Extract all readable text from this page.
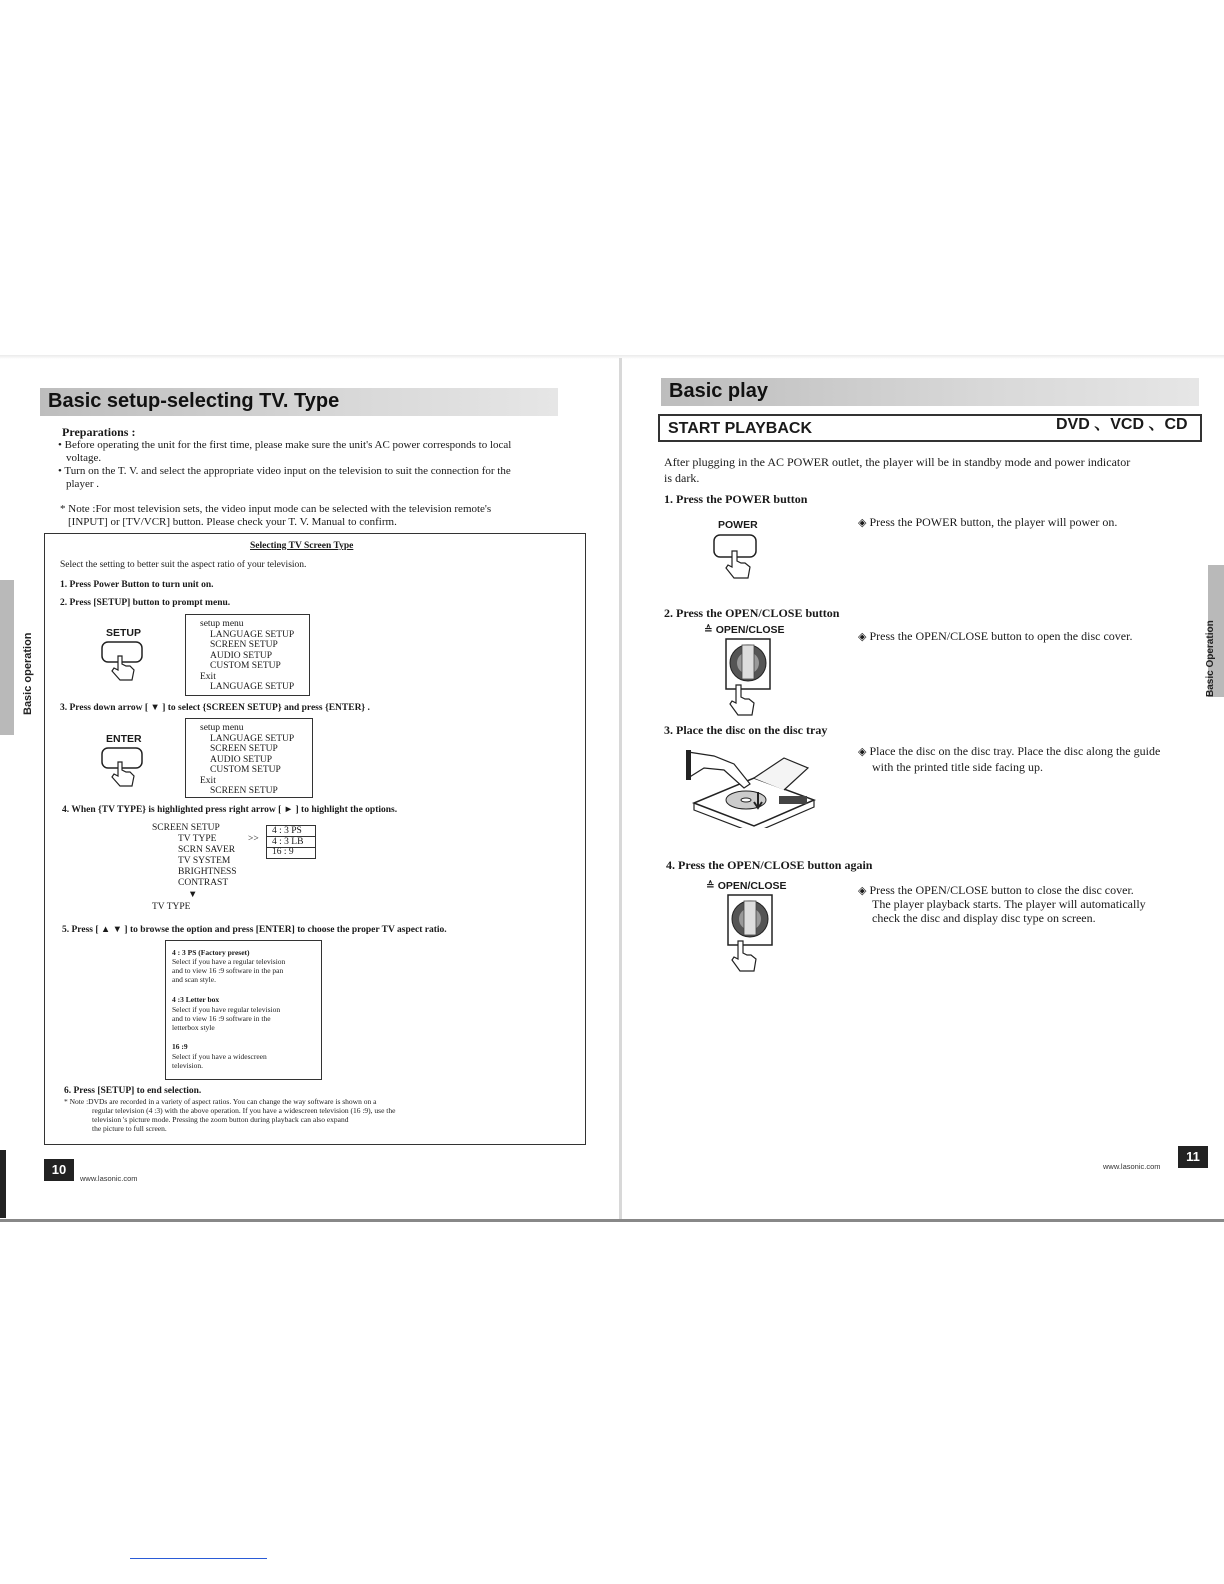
Basic setup-selecting TV. Type
Basic operation
Preparations :
• Before operating the unit for the first time, please make sure the unit's AC power corresponds to local
voltage.
• Turn on the T. V. and select the appropriate video input on the television to suit the connection for the
player .
* Note :For most television sets, the video input mode can be selected with the television remote's
[INPUT] or [TV/VCR] button. Please check your T. V. Manual to confirm.
Selecting TV Screen Type
Select the setting to better suit the aspect ratio of your television.
1. Press Power Button to turn unit on.
2. Press [SETUP] button to prompt menu.
SETUP
setup menu
LANGUAGE SETUP
SCREEN SETUP
AUDIO SETUP
CUSTOM SETUP
Exit
LANGUAGE SETUP
3. Press down arrow [ ▼ ] to select {SCREEN SETUP} and press {ENTER} .
ENTER
setup menu
LANGUAGE SETUP
SCREEN SETUP
AUDIO SETUP
CUSTOM SETUP
Exit
SCREEN SETUP
4. When {TV TYPE} is highlighted press right arrow [ ► ] to highlight the options.
SCREEN SETUP
TV TYPE
SCRN SAVER
TV SYSTEM
BRIGHTNESS
CONTRAST
▼
TV TYPE
>>
4 : 3 PS
4 : 3 LB
16 : 9
5. Press [ ▲ ▼ ] to browse the option and press [ENTER] to choose the proper TV aspect ratio.
4 : 3 PS (Factory preset)
Select if you have a regular television
and to view 16 :9 software in the pan
and scan style.
4 :3 Letter box
Select if you have regular television
and to view 16 :9 software in the
letterbox style
16 :9
Select if you have a widescreen
television.
6. Press [SETUP] to end selection.
* Note :DVDs are recorded in a variety of aspect ratios. You can change the way software is shown on a
regular television (4 :3) with the above operation. If you have a widescreen television (16 :9), use the
television 's picture mode. Pressing the zoom button during playback can also expand
the picture to full screen.
10
www.lasonic.com
Basic play
START PLAYBACK	DVD 、VCD 、CD
Basic Operation
After plugging in the AC POWER outlet, the player will be in standby mode and power indicator
is dark.
1. Press the POWER button
POWER	◈ Press the POWER button, the player will power on.
2. Press the OPEN/CLOSE button
≙ OPEN/CLOSE	◈ Press the OPEN/CLOSE button to open the disc cover.
3. Place the disc on the disc tray
◈ Place the disc on the disc tray. Place the disc along the guide
with the printed title side facing up.
4. Press the OPEN/CLOSE button again
≙ OPEN/CLOSE	◈ Press the OPEN/CLOSE button to close the disc cover.
The player playback starts. The player will automatically
check the disc and display disc type on screen.
www.lasonic.com
11
